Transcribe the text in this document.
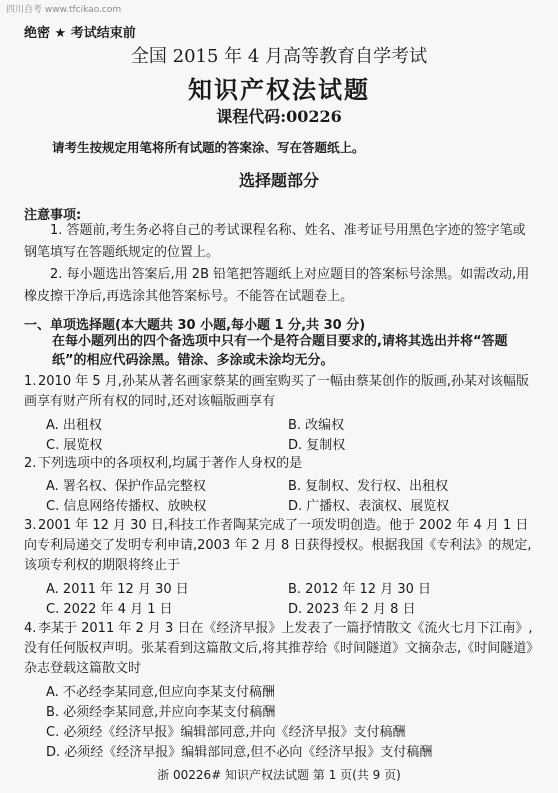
四川自考 www.tfcikao.com
绝密 ★ 考试结束前
全国 2015 年 4 月高等教育自学考试
知识产权法试题
课程代码:00226
请考生按规定用笔将所有试题的答案涂、写在答题纸上。
选择题部分
注意事项:
1. 答题前,考生务必将自己的考试课程名称、姓名、准考证号用黑色字迹的签字笔或钢笔填写在答题纸规定的位置上。
2. 每小题选出答案后,用 2B 铅笔把答题纸上对应题目的答案标号涂黑。如需改动,用橡皮擦干净后,再选涂其他答案标号。不能答在试题卷上。
一、单项选择题(本大题共 30 小题,每小题 1 分,共 30 分)
在每小题列出的四个备选项中只有一个是符合题目要求的,请将其选出并将“答题纸”的相应代码涂黑。错涂、多涂或未涂均无分。
1. 2010 年 5 月,孙某从著名画家蔡某的画室购买了一幅由蔡某创作的版画,孙某对该幅版画享有财产所有权的同时,还对该幅版画享有
A. 出租权	B. 改编权
C. 展览权	D. 复制权
2. 下列选项中的各项权利,均属于著作人身权的是
A. 署名权、保护作品完整权	B. 复制权、发行权、出租权
C. 信息网络传播权、放映权	D. 广播权、表演权、展览权
3. 2001 年 12 月 30 日,科技工作者陶某完成了一项发明创造。他于 2002 年 4 月 1 日向专利局递交了发明专利申请,2003 年 2 月 8 日获得授权。根据我国《专利法》的规定,该项专利权的期限将终止于
A. 2011 年 12 月 30 日	B. 2012 年 12 月 30 日
C. 2022 年 4 月 1 日	D. 2023 年 2 月 8 日
4. 李某于 2011 年 2 月 3 日在《经济早报》上发表了一篇抒情散文《流火七月下江南》,没有任何版权声明。张某看到这篇散文后,将其推荐给《时间隧道》文摘杂志,《时间隧道》杂志登载这篇散文时
A. 不必经李某同意,但应向李某支付稿酬
B. 必须经李某同意,并应向李某支付稿酬
C. 必须经《经济早报》编辑部同意,并向《经济早报》支付稿酬
D. 必须经《经济早报》编辑部同意,但不必向《经济早报》支付稿酬
浙 00226# 知识产权法试题 第 1 页(共 9 页)
